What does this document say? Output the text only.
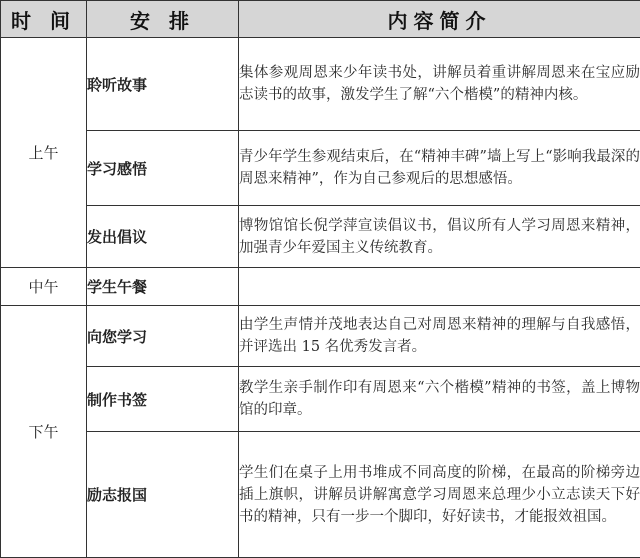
时 间	安 排	内容简介
上午	聆听故事	集体参观周恩来少年读书处，讲解员着重讲解周恩来在宝应励志读书的故事，激发学生了解“六个楷模”的精神内核。
	学习感悟	青少年学生参观结束后，在“精神丰碑”墙上写上“影响我最深的周恩来精神”，作为自己参观后的思想感悟。
	发出倡议	博物馆馆长倪学萍宣读倡议书，倡议所有人学习周恩来精神，加强青少年爱国主义传统教育。
中午	学生午餐	
下午	向您学习	由学生声情并茂地表达自己对周恩来精神的理解与自我感悟，并评选出 15 名优秀发言者。
	制作书签	教学生亲手制作印有周恩来“六个楷模”精神的书签，盖上博物馆的印章。
	励志报国	学生们在桌子上用书堆成不同高度的阶梯，在最高的阶梯旁边插上旗帜，讲解员讲解寓意学习周恩来总理少小立志读天下好书的精神，只有一步一个脚印，好好读书，才能报效祖国。
